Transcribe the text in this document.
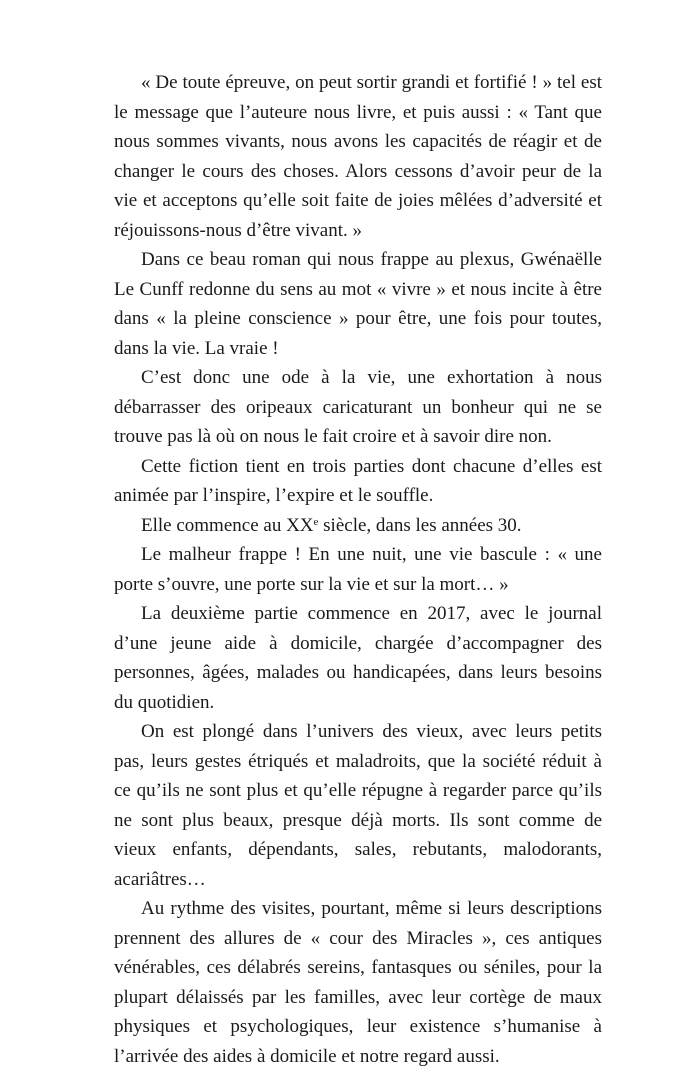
« De toute épreuve, on peut sortir grandi et fortifié ! » tel est le message que l’auteure nous livre, et puis aussi : « Tant que nous sommes vivants, nous avons les capacités de réagir et de changer le cours des choses. Alors cessons d’avoir peur de la vie et acceptons qu’elle soit faite de joies mêlées d’adversité et réjouissons-nous d’être vivant. »

Dans ce beau roman qui nous frappe au plexus, Gwénaëlle Le Cunff redonne du sens au mot « vivre » et nous incite à être dans « la pleine conscience » pour être, une fois pour toutes, dans la vie. La vraie !

C’est donc une ode à la vie, une exhortation à nous débarrasser des oripeaux caricaturant un bonheur qui ne se trouve pas là où on nous le fait croire et à savoir dire non.

Cette fiction tient en trois parties dont chacune d’elles est animée par l’inspire, l’expire et le souffle.

Elle commence au XXe siècle, dans les années 30.

Le malheur frappe ! En une nuit, une vie bascule : « une porte s’ouvre, une porte sur la vie et sur la mort… »

La deuxième partie commence en 2017, avec le journal d’une jeune aide à domicile, chargée d’accompagner des personnes, âgées, malades ou handicapées, dans leurs besoins du quotidien.

On est plongé dans l’univers des vieux, avec leurs petits pas, leurs gestes étriqués et maladroits, que la société réduit à ce qu’ils ne sont plus et qu’elle répugne à regarder parce qu’ils ne sont plus beaux, presque déjà morts. Ils sont comme de vieux enfants, dépendants, sales, rebutants, malodorants, acariâtres…

Au rythme des visites, pourtant, même si leurs descriptions prennent des allures de « cour des Miracles », ces antiques vénérables, ces délabrés sereins, fantasques ou séniles, pour la plupart délaissés par les familles, avec leur cortège de maux physiques et psychologiques, leur existence s’humanise à l’arrivée des aides à domicile et notre regard aussi.
